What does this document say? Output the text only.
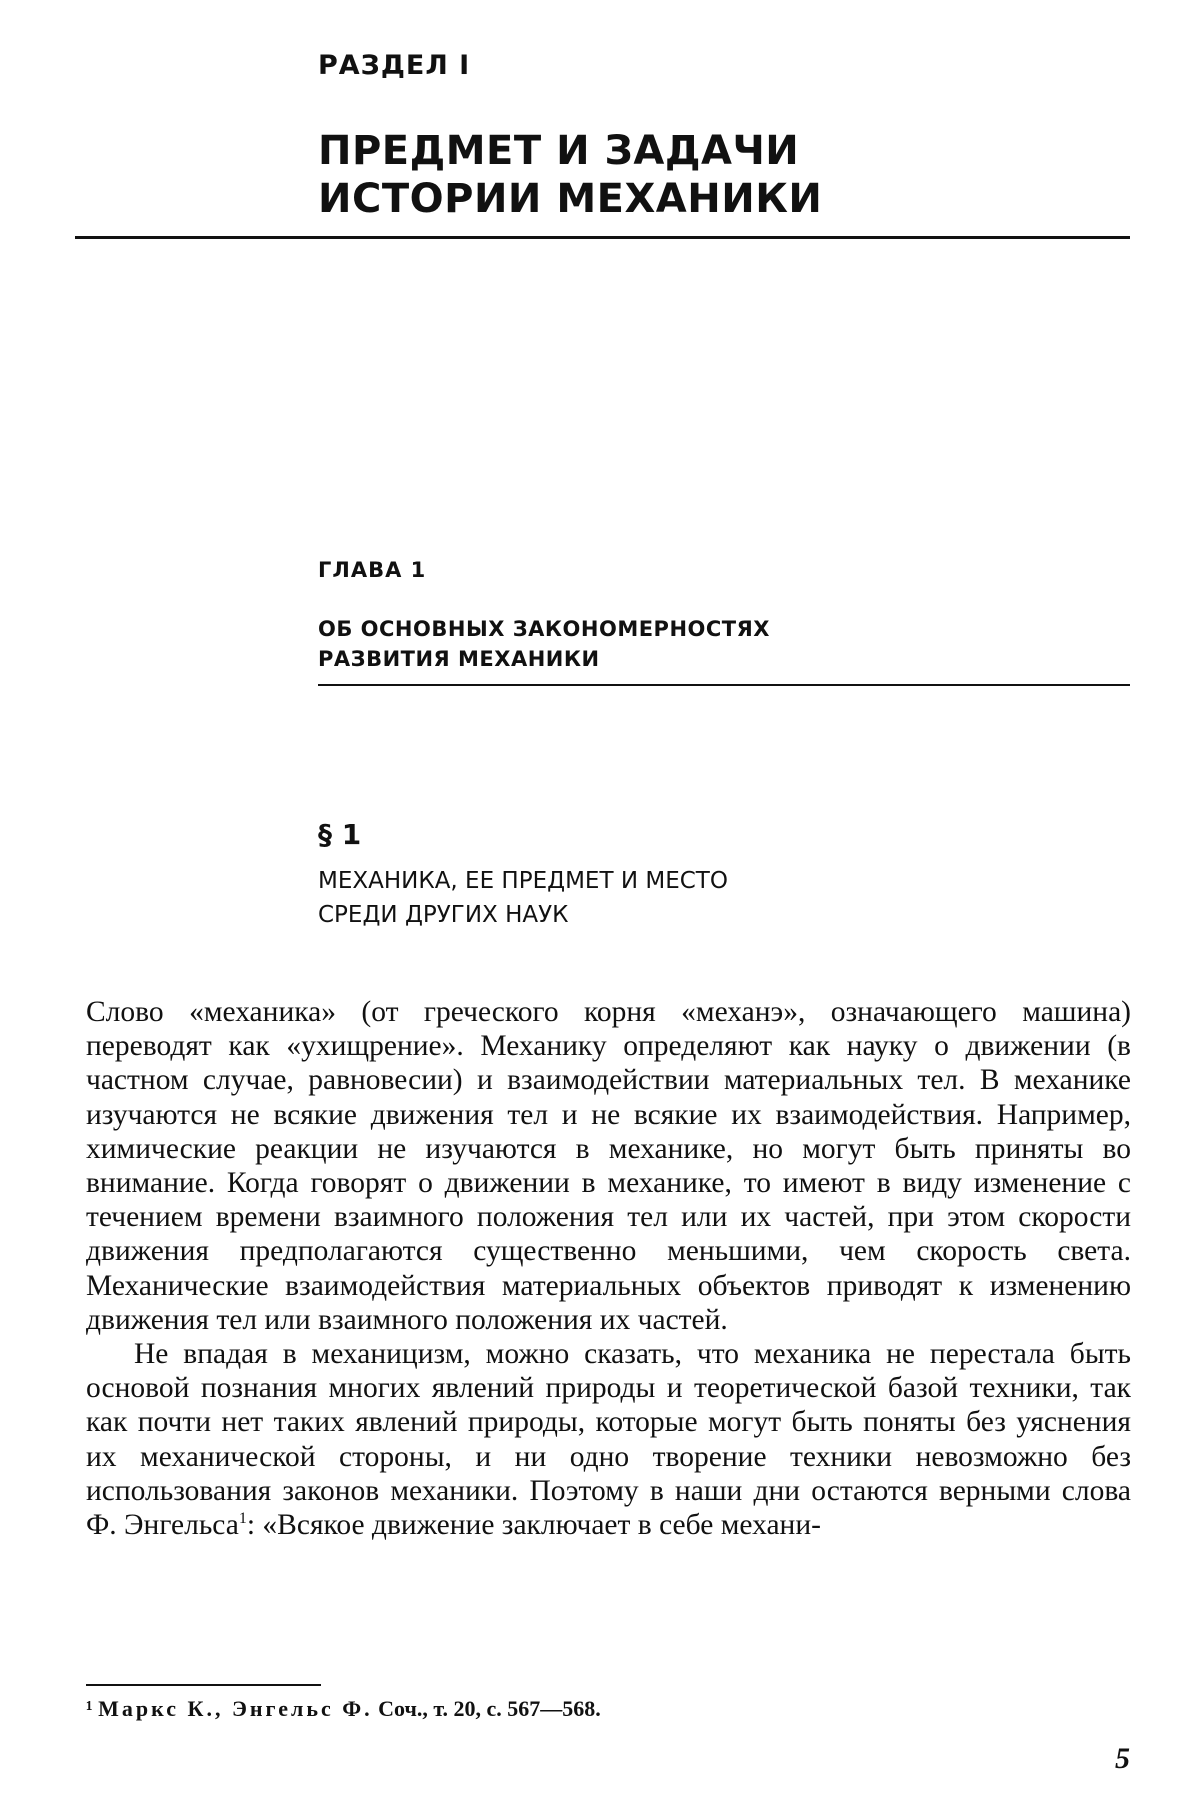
РАЗДЕЛ I
ПРЕДМЕТ И ЗАДАЧИ
ИСТОРИИ МЕХАНИКИ
ГЛАВА 1
ОБ ОСНОВНЫХ ЗАКОНОМЕРНОСТЯХ
РАЗВИТИЯ МЕХАНИКИ
§ 1
МЕХАНИКА, ЕЕ ПРЕДМЕТ И МЕСТО
СРЕДИ ДРУГИХ НАУК

Слово «механика» (от греческого корня «механэ», означающего машина) переводят как «ухищрение». Механику определяют как науку о движении (в частном случае, равновесии) и взаимодействии материальных тел. В механике изучаются не всякие движения тел и не всякие их взаимодействия. Например, химические реакции не изучаются в механике, но могут быть приняты во внимание. Когда говорят о движении в механике, то имеют в виду изменение с течением времени взаимного положения тел или их частей, при этом скорости движения предполагаются существенно меньшими, чем скорость света. Механические взаимодействия материальных объектов приводят к изменению движения тел или взаимного положения их частей.

Не впадая в механицизм, можно сказать, что механика не перестала быть основой познания многих явлений природы и теоретической базой техники, так как почти нет таких явлений природы, которые могут быть поняты без уяснения их механической стороны, и ни одно творение техники невозможно без использования законов механики. Поэтому в наши дни остаются верными слова Ф. Энгельса$^1$: «Всякое движение заключает в себе механи-

¹ Маркс К., Энгельс Ф. Соч., т. 20, с. 567—568.
5
